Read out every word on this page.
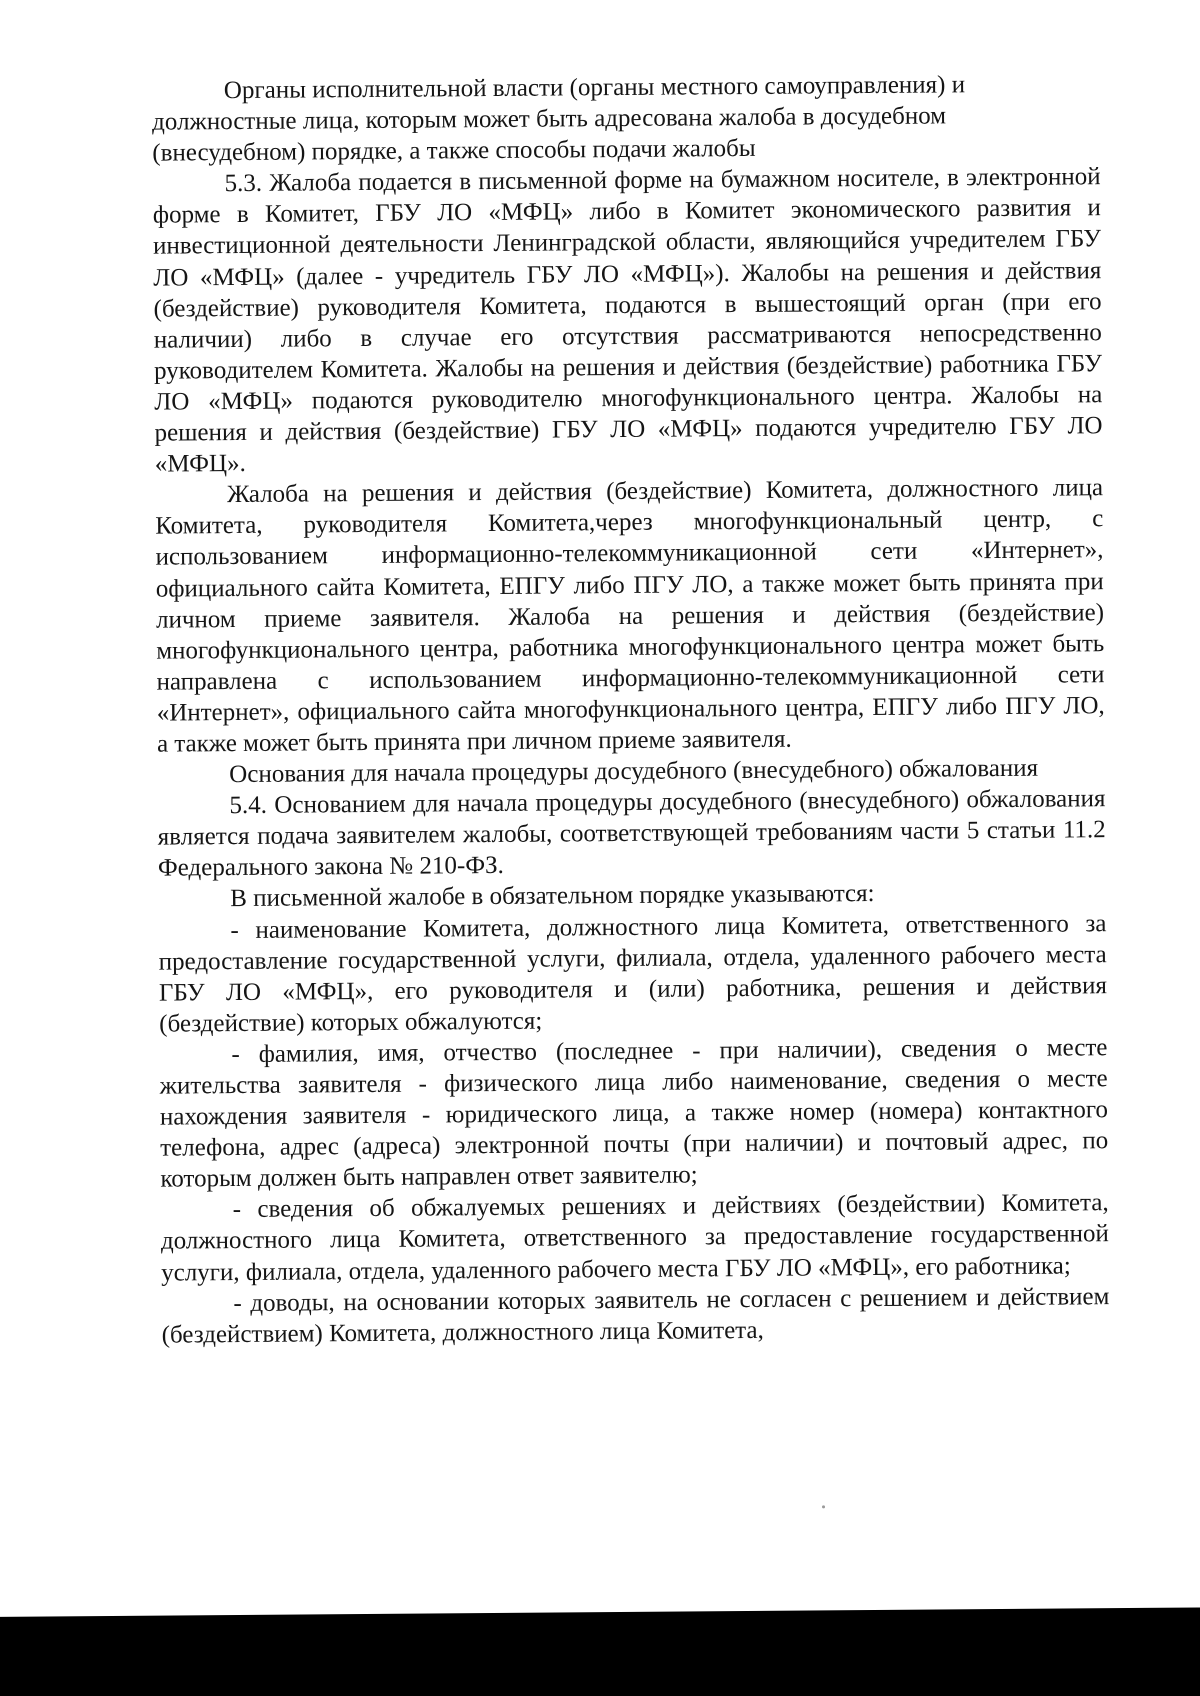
Органы исполнительной власти (органы местного самоуправления) и должностные лица, которым может быть адресована жалоба в досудебном (внесудебном) порядке, а также способы подачи жалобы

5.3. Жалоба подается в письменной форме на бумажном носителе, в электронной форме в Комитет, ГБУ ЛО «МФЦ» либо в Комитет экономического развития и инвестиционной деятельности Ленинградской области, являющийся учредителем ГБУ ЛО «МФЦ» (далее - учредитель ГБУ ЛО «МФЦ»). Жалобы на решения и действия (бездействие) руководителя Комитета, подаются в вышестоящий орган (при его наличии) либо в случае его отсутствия рассматриваются непосредственно руководителем Комитета. Жалобы на решения и действия (бездействие) работника ГБУ ЛО «МФЦ» подаются руководителю многофункционального центра. Жалобы на решения и действия (бездействие) ГБУ ЛО «МФЦ» подаются учредителю ГБУ ЛО «МФЦ».

Жалоба на решения и действия (бездействие) Комитета, должностного лица Комитета, руководителя Комитета,через многофункциональный центр, с использованием информационно-телекоммуникационной сети «Интернет», официального сайта Комитета, ЕПГУ либо ПГУ ЛО, а также может быть принята при личном приеме заявителя. Жалоба на решения и действия (бездействие) многофункционального центра, работника многофункционального центра может быть направлена с использованием информационно-телекоммуникационной сети «Интернет», официального сайта многофункционального центра, ЕПГУ либо ПГУ ЛО, а также может быть принята при личном приеме заявителя.

Основания для начала процедуры досудебного (внесудебного) обжалования

5.4. Основанием для начала процедуры досудебного (внесудебного) обжалования является подача заявителем жалобы, соответствующей требованиям части 5 статьи 11.2 Федерального закона № 210-ФЗ.

В письменной жалобе в обязательном порядке указываются:

- наименование Комитета, должностного лица Комитета, ответственного за предоставление государственной услуги, филиала, отдела, удаленного рабочего места ГБУ ЛО «МФЦ», его руководителя и (или) работника, решения и действия (бездействие) которых обжалуются;

- фамилия, имя, отчество (последнее - при наличии), сведения о месте жительства заявителя - физического лица либо наименование, сведения о месте нахождения заявителя - юридического лица, а также номер (номера) контактного телефона, адрес (адреса) электронной почты (при наличии) и почтовый адрес, по которым должен быть направлен ответ заявителю;

- сведения об обжалуемых решениях и действиях (бездействии) Комитета, должностного лица Комитета, ответственного за предоставление государственной услуги, филиала, отдела, удаленного рабочего места ГБУ ЛО «МФЦ», его работника;

- доводы, на основании которых заявитель не согласен с решением и действием (бездействием) Комитета, должностного лица Комитета,
